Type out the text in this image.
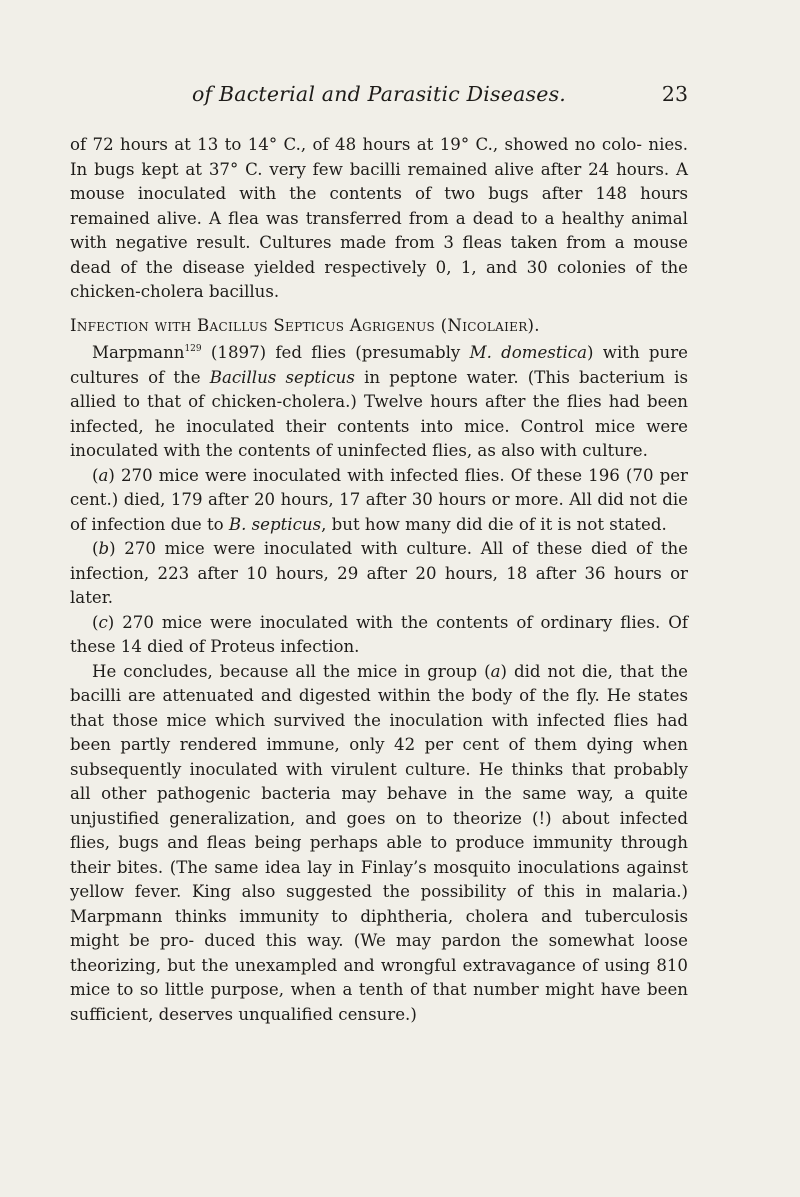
of Bacterial and Parasitic Diseases.	23

of 72 hours at 13 to 14° C., of 48 hours at 19° C., showed no colo- nies. In bugs kept at 37° C. very few bacilli remained alive after 24 hours. A mouse inoculated with the contents of two bugs after 148 hours remained alive. A flea was transferred from a dead to a healthy animal with negative result. Cultures made from 3 fleas taken from a mouse dead of the disease yielded respectively 0, 1, and 30 colonies of the chicken-cholera bacillus.

Infection with Bacillus Septicus Agrigenus (Nicolaier).

Marpmann$^{129}$ (1897) fed flies (presumably M. domestica) with pure cultures of the Bacillus septicus in peptone water. (This bacterium is allied to that of chicken-cholera.) Twelve hours after the flies had been infected, he inoculated their contents into mice. Control mice were inoculated with the contents of uninfected flies, as also with culture.

(a) 270 mice were inoculated with infected flies. Of these 196 (70 per cent.) died, 179 after 20 hours, 17 after 30 hours or more. All did not die of infection due to B. septicus, but how many did die of it is not stated.

(b) 270 mice were inoculated with culture. All of these died of the infection, 223 after 10 hours, 29 after 20 hours, 18 after 36 hours or later.

(c) 270 mice were inoculated with the contents of ordinary flies. Of these 14 died of Proteus infection.

He concludes, because all the mice in group (a) did not die, that the bacilli are attenuated and digested within the body of the fly. He states that those mice which survived the inoculation with infected flies had been partly rendered immune, only 42 per cent of them dying when subsequently inoculated with virulent culture. He thinks that probably all other pathogenic bacteria may behave in the same way, a quite unjustified generalization, and goes on to theorize (!) about infected flies, bugs and fleas being perhaps able to produce immunity through their bites. (The same idea lay in Finlay’s mosquito inoculations against yellow fever. King also suggested the possibility of this in malaria.) Marpmann thinks immunity to diphtheria, cholera and tuberculosis might be pro- duced this way. (We may pardon the somewhat loose theorizing, but the unexampled and wrongful extravagance of using 810 mice to so little purpose, when a tenth of that number might have been sufficient, deserves unqualified censure.)
